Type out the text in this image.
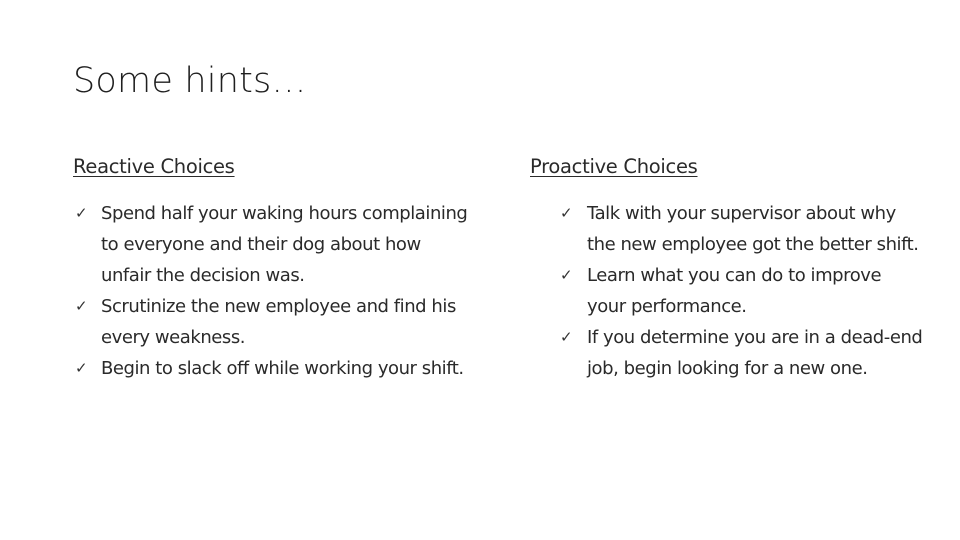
Some hints…
Reactive Choices
✓ Spend half your waking hours complaining
to everyone and their dog about how
unfair the decision was.
✓ Scrutinize the new employee and find his
every weakness.
✓ Begin to slack off while working your shift.
Proactive Choices
✓ Talk with your supervisor about why
the new employee got the better shift.
✓ Learn what you can do to improve
your performance.
✓ If you determine you are in a dead-end
job, begin looking for a new one.
